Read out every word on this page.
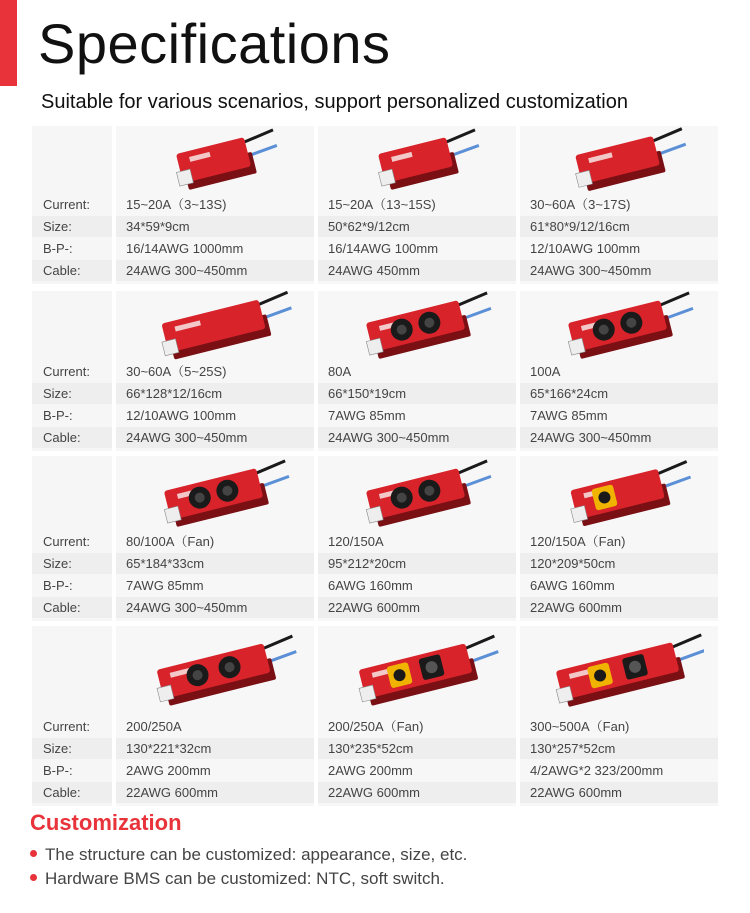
Specifications
Suitable for various scenarios, support personalized customization
Current:
Size:
B-P-:
Cable:
15~20A（3~13S)
34*59*9cm
16/14AWG 1000mm
24AWG 300~450mm
15~20A（13~15S)
50*62*9/12cm
16/14AWG 100mm
24AWG 450mm
30~60A（3~17S)
61*80*9/12/16cm
12/10AWG 100mm
24AWG 300~450mm
Current:
Size:
B-P-:
Cable:
30~60A（5~25S)
66*128*12/16cm
12/10AWG 100mm
24AWG 300~450mm
80A
66*150*19cm
7AWG 85mm
24AWG 300~450mm
100A
65*166*24cm
7AWG 85mm
24AWG 300~450mm
Current:
Size:
B-P-:
Cable:
80/100A（Fan)
65*184*33cm
7AWG 85mm
24AWG 300~450mm
120/150A
95*212*20cm
6AWG 160mm
22AWG 600mm
120/150A（Fan)
120*209*50cm
6AWG 160mm
22AWG 600mm
Current:
Size:
B-P-:
Cable:
200/250A
130*221*32cm
2AWG 200mm
22AWG 600mm
200/250A（Fan)
130*235*52cm
2AWG 200mm
22AWG 600mm
300~500A（Fan)
130*257*52cm
4/2AWG*2 323/200mm
22AWG 600mm
Customization
The structure can be customized: appearance, size, etc.
Hardware BMS can be customized: NTC, soft switch.
